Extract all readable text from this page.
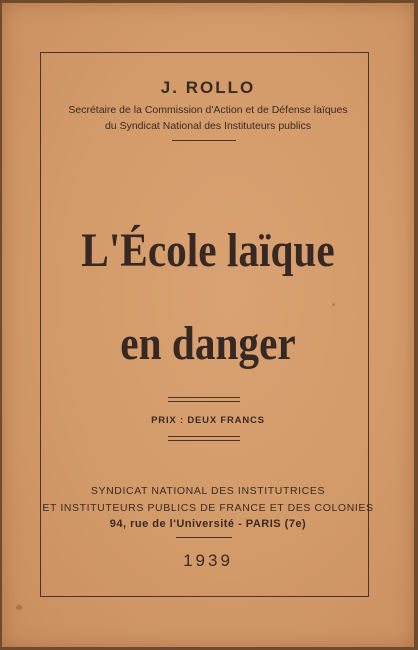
J. ROLLO
Secrétaire de la Commission d'Action et de Défense laïques
du Syndicat National des Instituteurs publics
L'École laïque
en danger
PRIX : DEUX FRANCS
SYNDICAT NATIONAL DES INSTITUTRICES
ET INSTITUTEURS PUBLICS DE FRANCE ET DES COLONIES
94, rue de l'Université - PARIS (7e)
1939
